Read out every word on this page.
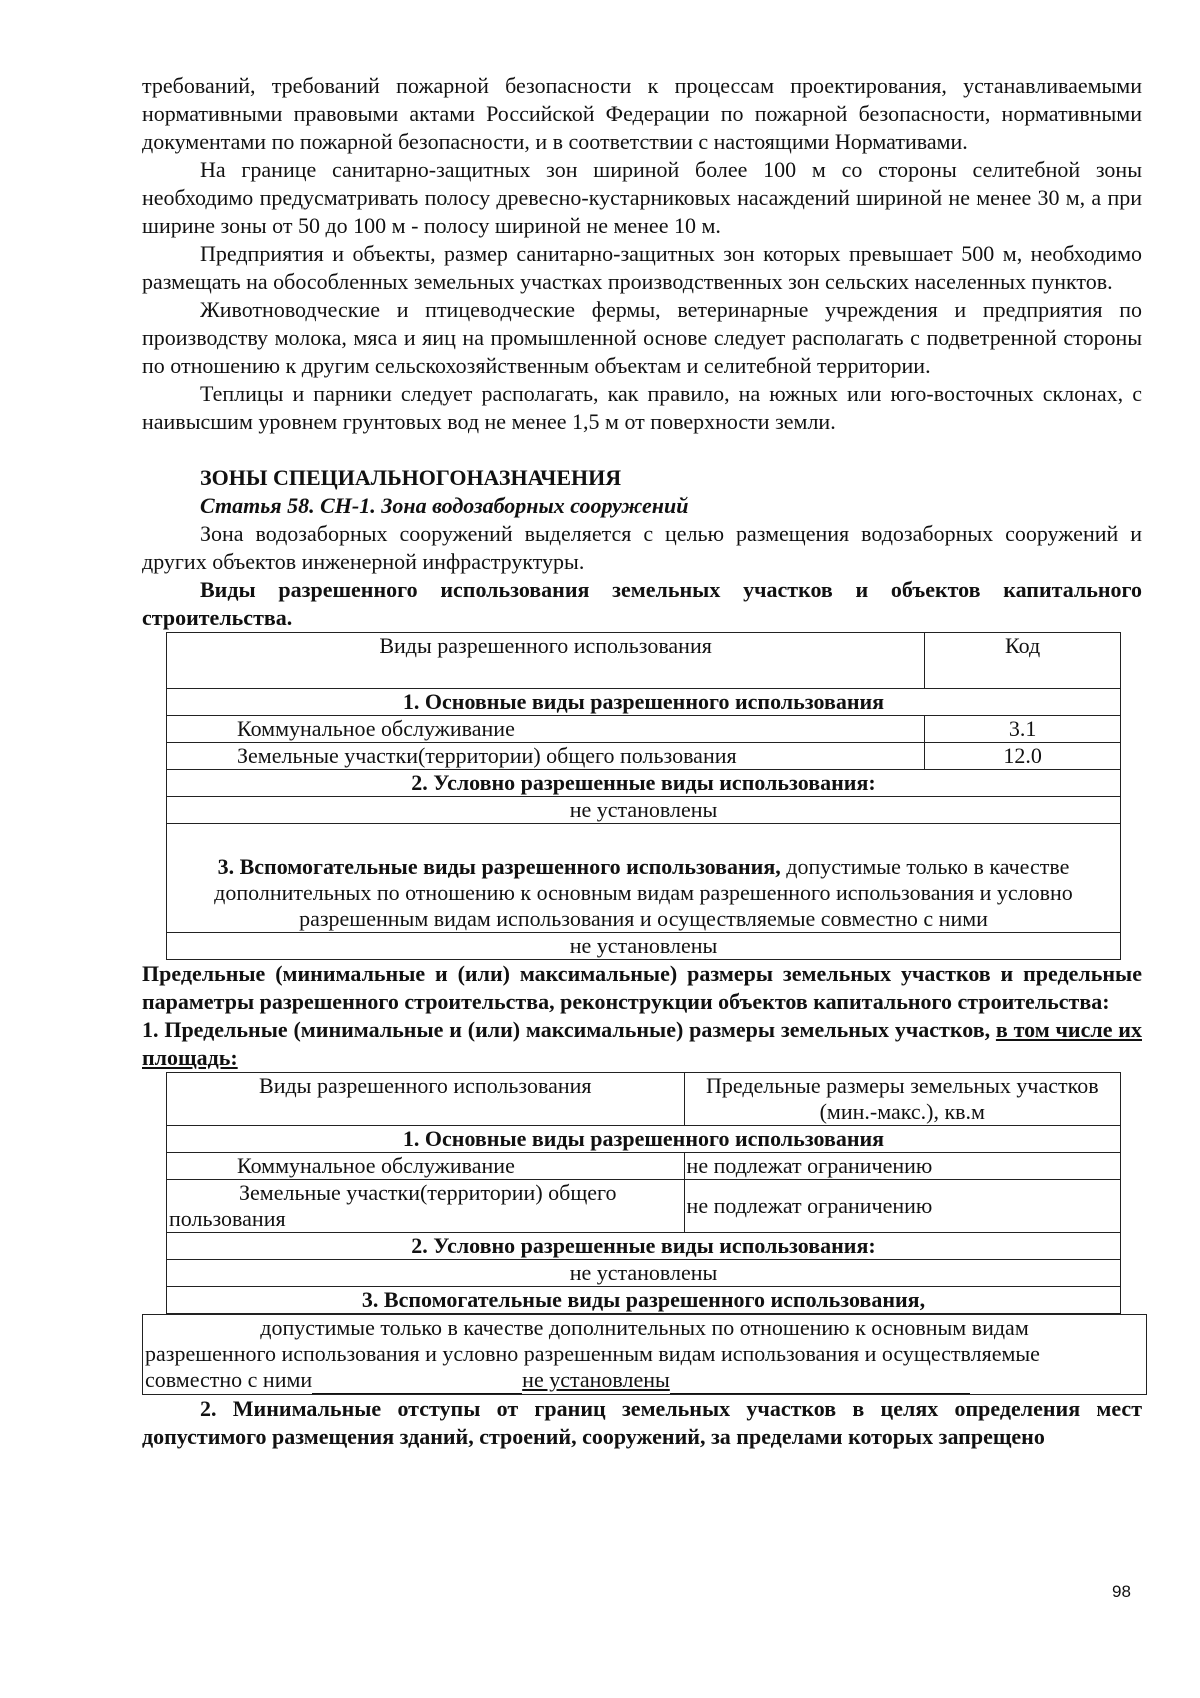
требований, требований пожарной безопасности к процессам проектирования, устанавливаемыми нормативными правовыми актами Российской Федерации по пожарной безопасности, нормативными документами по пожарной безопасности, и в соответствии с настоящими Нормативами.

На границе санитарно-защитных зон шириной более 100 м со стороны селитебной зоны необходимо предусматривать полосу древесно-кустарниковых насаждений шириной не менее 30 м, а при ширине зоны от 50 до 100 м - полосу шириной не менее 10 м.

Предприятия и объекты, размер санитарно-защитных зон которых превышает 500 м, необходимо размещать на обособленных земельных участках производственных зон сельских населенных пунктов.

Животноводческие и птицеводческие фермы, ветеринарные учреждения и предприятия по производству молока, мяса и яиц на промышленной основе следует располагать с подветренной стороны по отношению к другим сельскохозяйственным объектам и селитебной территории.

Теплицы и парники следует располагать, как правило, на южных или юго-восточных склонах, с наивысшим уровнем грунтовых вод не менее 1,5 м от поверхности земли.

ЗОНЫ СПЕЦИАЛЬНОГОНАЗНАЧЕНИЯ
Статья 58. СН-1. Зона водозаборных сооружений

Зона водозаборных сооружений выделяется с целью размещения водозаборных сооружений и других объектов инженерной инфраструктуры.

Виды разрешенного использования земельных участков и объектов капитального строительства.

Виды разрешенного использования	Код
1. Основные виды разрешенного использования	
Коммунальное обслуживание	3.1
Земельные участки(территории) общего пользования	12.0
2. Условно разрешенные виды использования:	
не установлены	
3. Вспомогательные виды разрешенного использования, допустимые только в качестве дополнительных по отношению к основным видам разрешенного использования и условно разрешенным видам использования и осуществляемые совместно с ними	
не установлены	

Предельные (минимальные и (или) максимальные) размеры земельных участков и предельные параметры разрешенного строительства, реконструкции объектов капитального строительства:

1. Предельные (минимальные и (или) максимальные) размеры земельных участков, в том числе их площадь:

Виды разрешенного использования	Предельные размеры земельных участков (мин.-макс.), кв.м
1. Основные виды разрешенного использования	
Коммунальное обслуживание	не подлежат ограничению

Земельные участки(территории) общего
пользования	не подлежат ограничению
2. Условно разрешенные виды использования:	
не установлены	
3. Вспомогательные виды разрешенного использования,	
допустимые только в качестве дополнительных по отношению к основным видам
разрешенного использования и условно разрешенным видам использования и осуществляемые
совместно с ними	не установлены

2. Минимальные отступы от границ земельных участков в целях определения мест допустимого размещения зданий, строений, сооружений, за пределами которых запрещено

98
